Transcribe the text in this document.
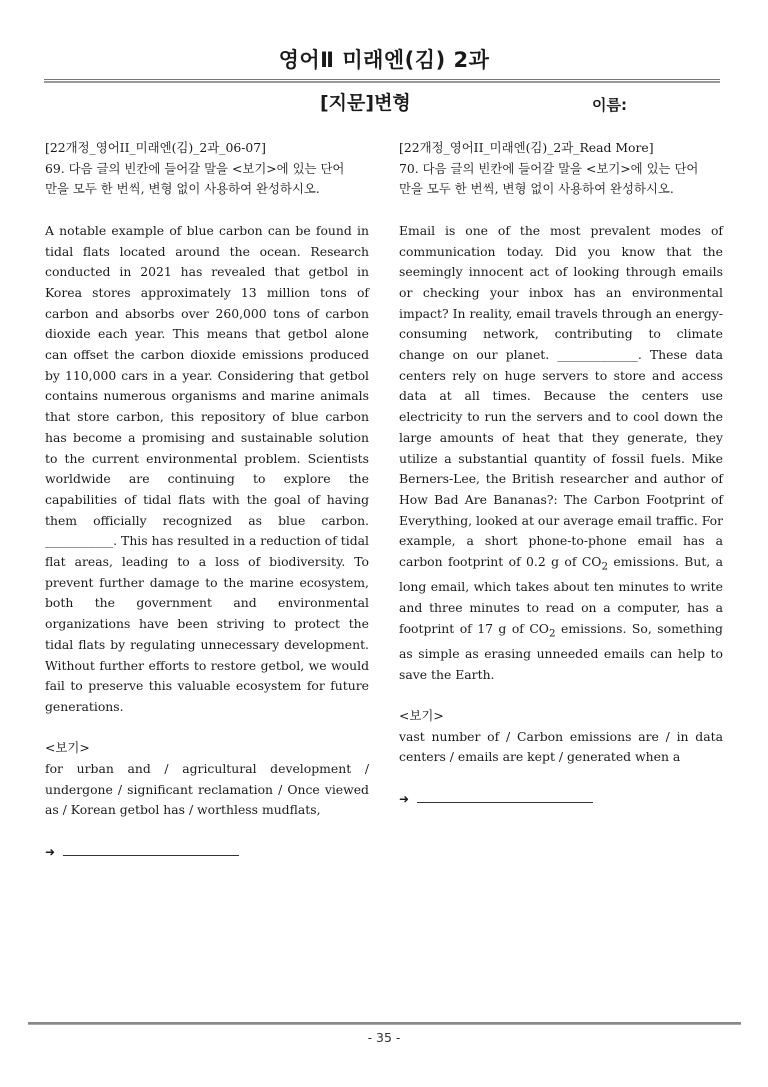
영어Ⅱ 미래엔(김) 2과
[지문]변형	이름:

[22개정_영어II_미래엔(김)_2과_06-07]

69. 다음 글의 빈칸에 들어갈 말을 <보기>에 있는 단어

만을 모두 한 번씩, 변형 없이 사용하여 완성하시오.

A notable example of blue carbon can be found in tidal flats located around the ocean. Research conducted in 2021 has revealed that getbol in Korea stores approximately 13 million tons of carbon and absorbs over 260,000 tons of carbon dioxide each year. This means that getbol alone can offset the carbon dioxide emissions produced by 110,000 cars in a year. Considering that getbol contains numerous organisms and marine animals that store carbon, this repository of blue carbon has become a promising and sustainable solution to the current environmental problem. Scientists worldwide are continuing to explore the capabilities of tidal flats with the goal of having them officially recognized as blue carbon. ___________. This has resulted in a reduction of tidal flat areas, leading to a loss of biodiversity. To prevent further damage to the marine ecosystem, both the government and environmental organizations have been striving to protect the tidal flats by regulating unnecessary development. Without further efforts to restore getbol, we would fail to preserve this valuable ecosystem for future generations.

<보기>

for urban and / agricultural development / undergone / significant reclamation / Once viewed as / Korean getbol has / worthless mudflats,

➜

[22개정_영어II_미래엔(김)_2과_Read More]

70. 다음 글의 빈칸에 들어갈 말을 <보기>에 있는 단어

만을 모두 한 번씩, 변형 없이 사용하여 완성하시오.

Email is one of the most prevalent modes of communication today. Did you know that the seemingly innocent act of looking through emails or checking your inbox has an environmental impact? In reality, email travels through an energy-consuming network, contributing to climate change on our planet. _____________. These data centers rely on huge servers to store and access data at all times. Because the centers use electricity to run the servers and to cool down the large amounts of heat that they generate, they utilize a substantial quantity of fossil fuels. Mike Berners-Lee, the British researcher and author of How Bad Are Bananas?: The Carbon Footprint of Everything, looked at our average email traffic. For example, a short phone-to-phone email has a carbon footprint of 0.2 g of $CO_2$ emissions. But, a long email, which takes about ten minutes to write and three minutes to read on a computer, has a footprint of 17 g of $CO_2$ emissions. So, something as simple as erasing unneeded emails can help to save the Earth.

<보기>

vast number of / Carbon emissions are / in data centers / emails are kept / generated when a

➜
- 35 -
